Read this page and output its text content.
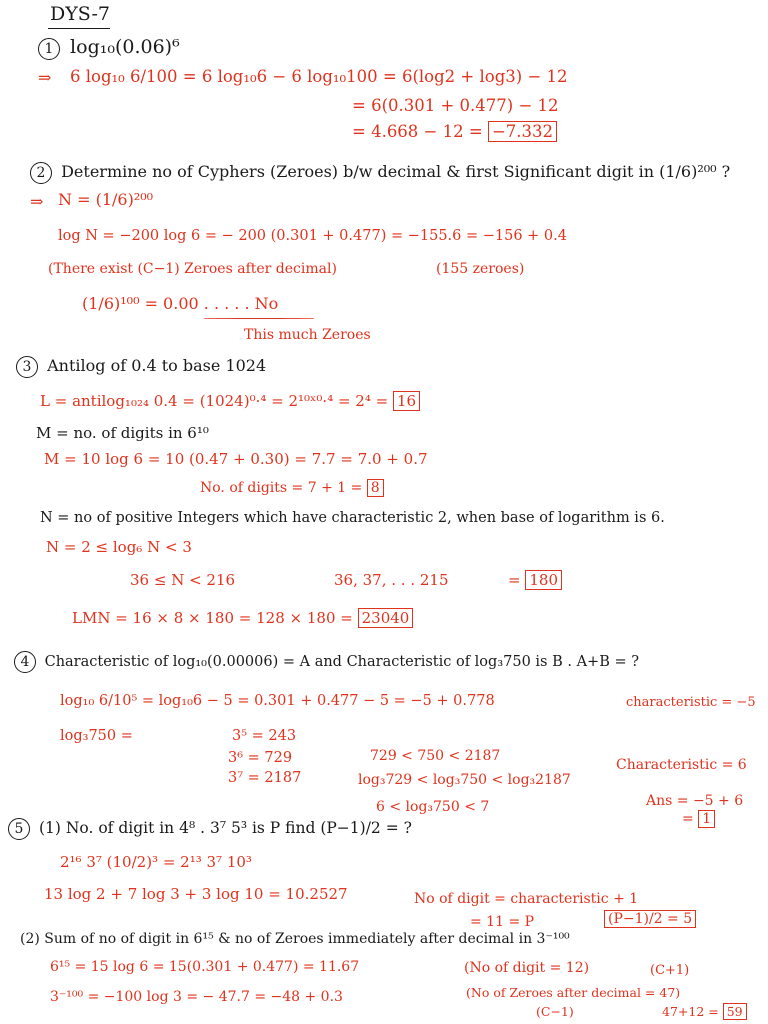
DYS-7
1 log₁₀(0.06)⁶
⇒ 6 log₁₀ 6/100 = 6 log₁₀6 − 6 log₁₀100 = 6(log2 + log3) − 12
= 6(0.301 + 0.477) − 12
= 4.668 − 12 = −7.332
2 Determine no of Cyphers (Zeroes) b/w decimal & first Significant digit in (1/6)²⁰⁰ ?
⇒ N = (1/6)²⁰⁰
log N = −200 log 6 = − 200 (0.301 + 0.477) = −155.6 = −156 + 0.4
(There exist (C−1) Zeroes after decimal)	(155 zeroes)
(1/6)¹⁰⁰ = 0.00 . . . . . No
This much Zeroes
3 Antilog of 0.4 to base 1024
L = antilog₁₀₂₄ 0.4 = (1024)⁰·⁴ = 2¹⁰ˣ⁰·⁴ = 2⁴ = 16
M = no. of digits in 6¹⁰
M = 10 log 6 = 10 (0.47 + 0.30) = 7.7 = 7.0 + 0.7
No. of digits = 7 + 1 = 8
N = no of positive Integers which have characteristic 2, when base of logarithm is 6.
N = 2 ≤ log₆ N < 3
36 ≤ N < 216	36, 37, . . . 215	= 180
LMN = 16 × 8 × 180 = 128 × 180 = 23040
4 Characteristic of log₁₀(0.00006) = A and Characteristic of log₃750 is B . A+B = ?
log₁₀ 6/10⁵ = log₁₀6 − 5 = 0.301 + 0.477 − 5 = −5 + 0.778	characteristic = −5
log₃750 =	3⁵ = 243
3⁶ = 729	729 < 750 < 2187
Characteristic = 6
3⁷ = 2187	log₃729 < log₃750 < log₃2187
6 < log₃750 < 7	Ans = −5 + 6
= 1
5 (1) No. of digit in 4⁸ . 3⁷ 5³ is P find (P−1)/2 = ?
2¹⁶ 3⁷ (10/2)³ = 2¹³ 3⁷ 10³
13 log 2 + 7 log 3 + 3 log 10 = 10.2527	No of digit = characteristic + 1
= 11 = P	(P−1)/2 = 5
(2) Sum of no of digit in 6¹⁵ & no of Zeroes immediately after decimal in 3⁻¹⁰⁰
6¹⁵ = 15 log 6 = 15(0.301 + 0.477) = 11.67	(No of digit = 12)	(C+1)
3⁻¹⁰⁰ = −100 log 3 = − 47.7 = −48 + 0.3	(No of Zeroes after decimal = 47)
(C−1)	47+12 = 59
